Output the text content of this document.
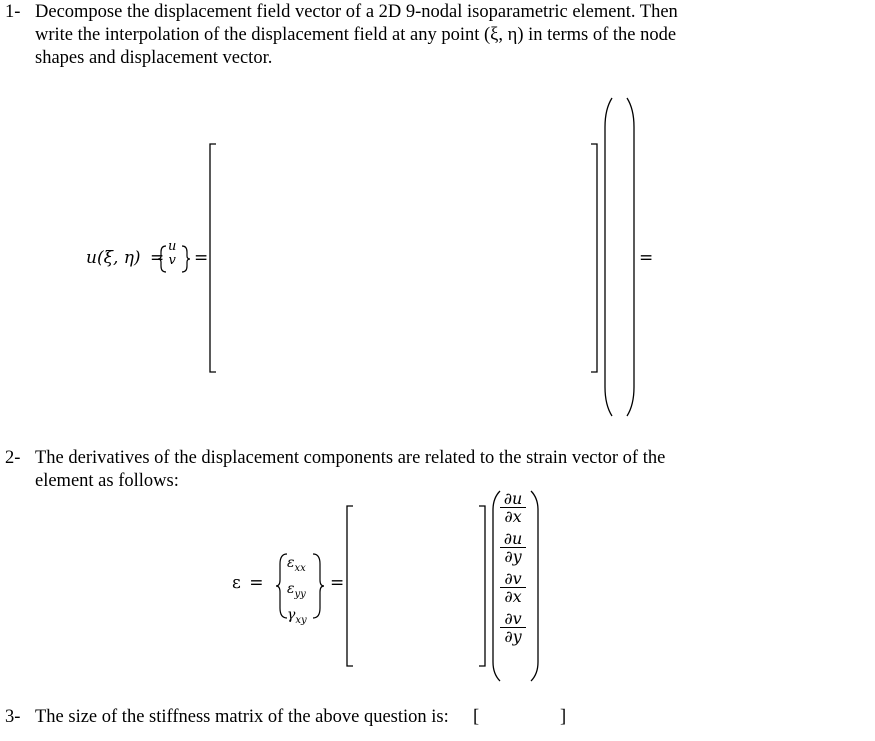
1- Decompose the displacement field vector of a 2D 9-nodal isoparametric element. Then
write the interpolation of the displacement field at any point (ξ, η) in terms of the node
shapes and displacement vector.
u(ξ, η) =
u
v =	=
2- The derivatives of the displacement components are related to the strain vector of the
element as follows:
ε =
$\varepsilon_{xx}$
$\varepsilon_{yy}$
$\gamma_{xy}$
=
$\frac{\partial u}{\partial x}$
$\frac{\partial u}{\partial y}$
$\frac{\partial v}{\partial x}$
$\frac{\partial v}{\partial y}$
3- The size of the stiffness matrix of the above question is: [	]
